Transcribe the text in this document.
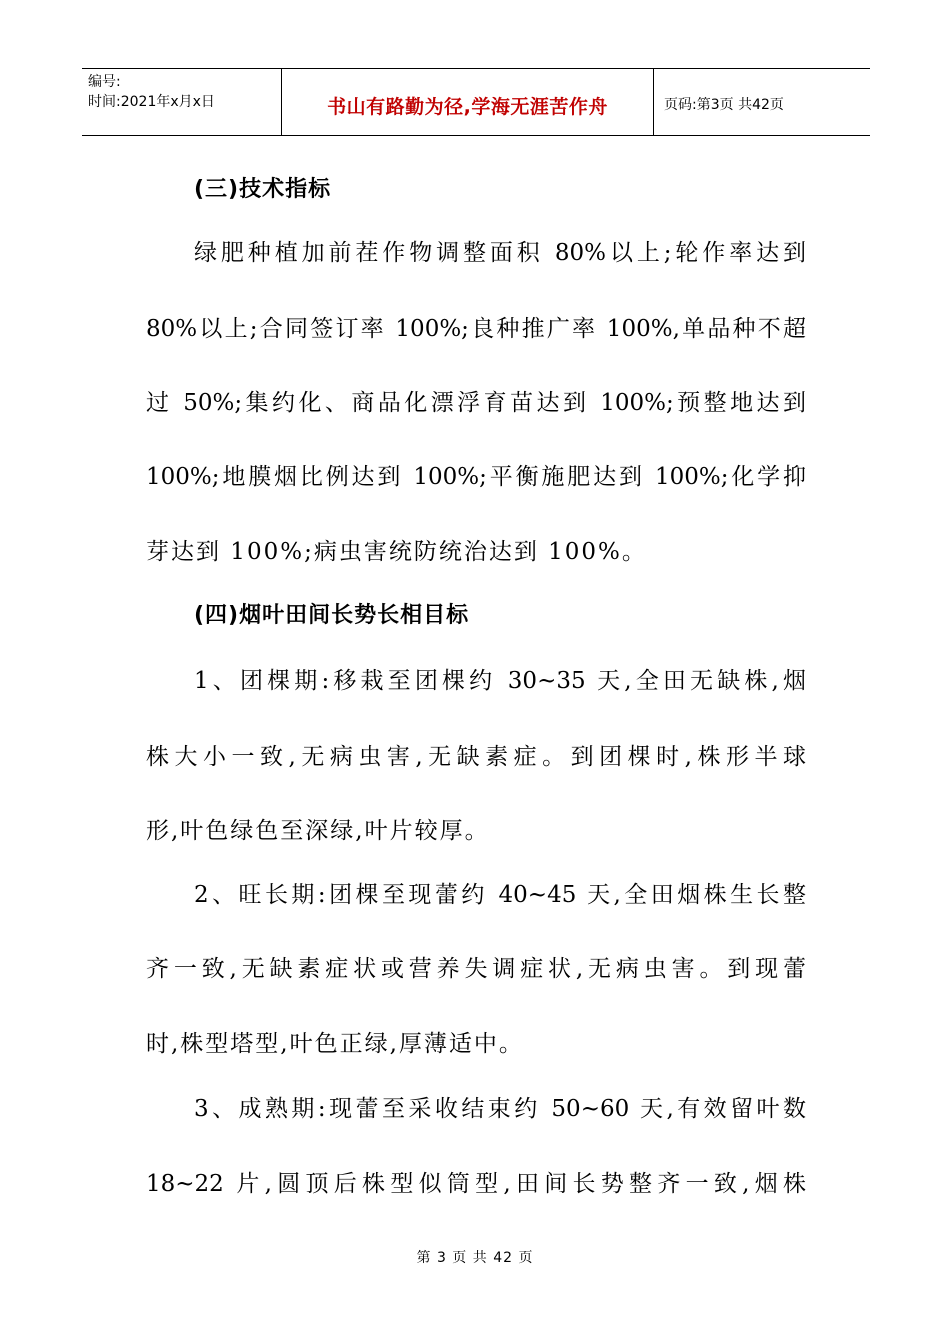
编号:
时间:2021年x月x日	书山有路勤为径,学海无涯苦作舟	页码:第3页 共42页
(三)技术指标
绿肥种植加前茬作物调整面积 80%以上;轮作率达到
80%以上;合同签订率 100%;良种推广率 100%,单品种不超
过 50%;集约化、商品化漂浮育苗达到 100%;预整地达到
100%;地膜烟比例达到 100%;平衡施肥达到 100%;化学抑
芽达到 100%;病虫害统防统治达到 100%。
(四)烟叶田间长势长相目标
1、团棵期:移栽至团棵约 30~35 天,全田无缺株,烟
株大小一致,无病虫害,无缺素症。到团棵时,株形半球
形,叶色绿色至深绿,叶片较厚。
2、旺长期:团棵至现蕾约 40~45 天,全田烟株生长整
齐一致,无缺素症状或营养失调症状,无病虫害。到现蕾
时,株型塔型,叶色正绿,厚薄适中。
3、成熟期:现蕾至采收结束约 50~60 天,有效留叶数
18~22 片,圆顶后株型似筒型,田间长势整齐一致,烟株
第 3 页 共 42 页
